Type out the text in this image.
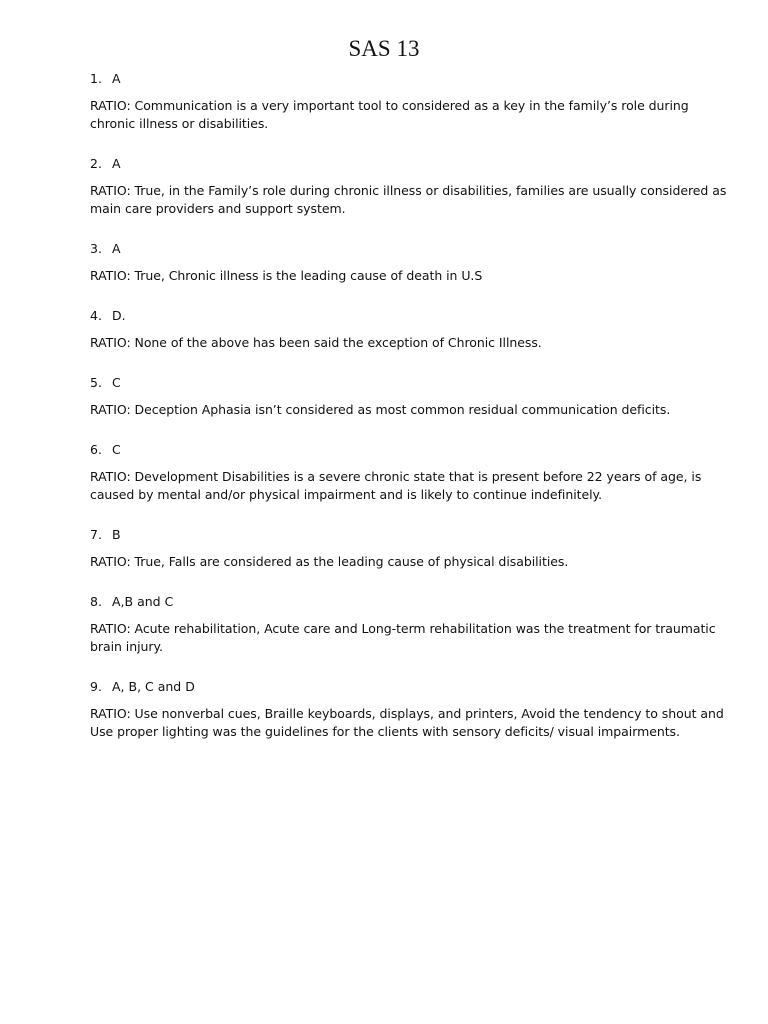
SAS 13
1. A
RATIO: Communication is a very important tool to considered as a key in the family’s role during chronic illness or disabilities.
2. A
RATIO: True, in the Family’s role during chronic illness or disabilities, families are usually considered as main care providers and support system.
3. A
RATIO: True, Chronic illness is the leading cause of death in U.S
4. D.
RATIO: None of the above has been said the exception of Chronic Illness.
5. C
RATIO: Deception Aphasia isn’t considered as most common residual communication deficits.
6. C
RATIO: Development Disabilities is a severe chronic state that is present before 22 years of age, is caused by mental and/or physical impairment and is likely to continue indefinitely.
7. B
RATIO: True, Falls are considered as the leading cause of physical disabilities.
8. A,B and C
RATIO: Acute rehabilitation, Acute care and Long-term rehabilitation was the treatment for traumatic brain injury.
9. A, B, C and D
RATIO: Use nonverbal cues, Braille keyboards, displays, and printers, Avoid the tendency to shout and Use proper lighting was the guidelines for the clients with sensory deficits/ visual impairments.
